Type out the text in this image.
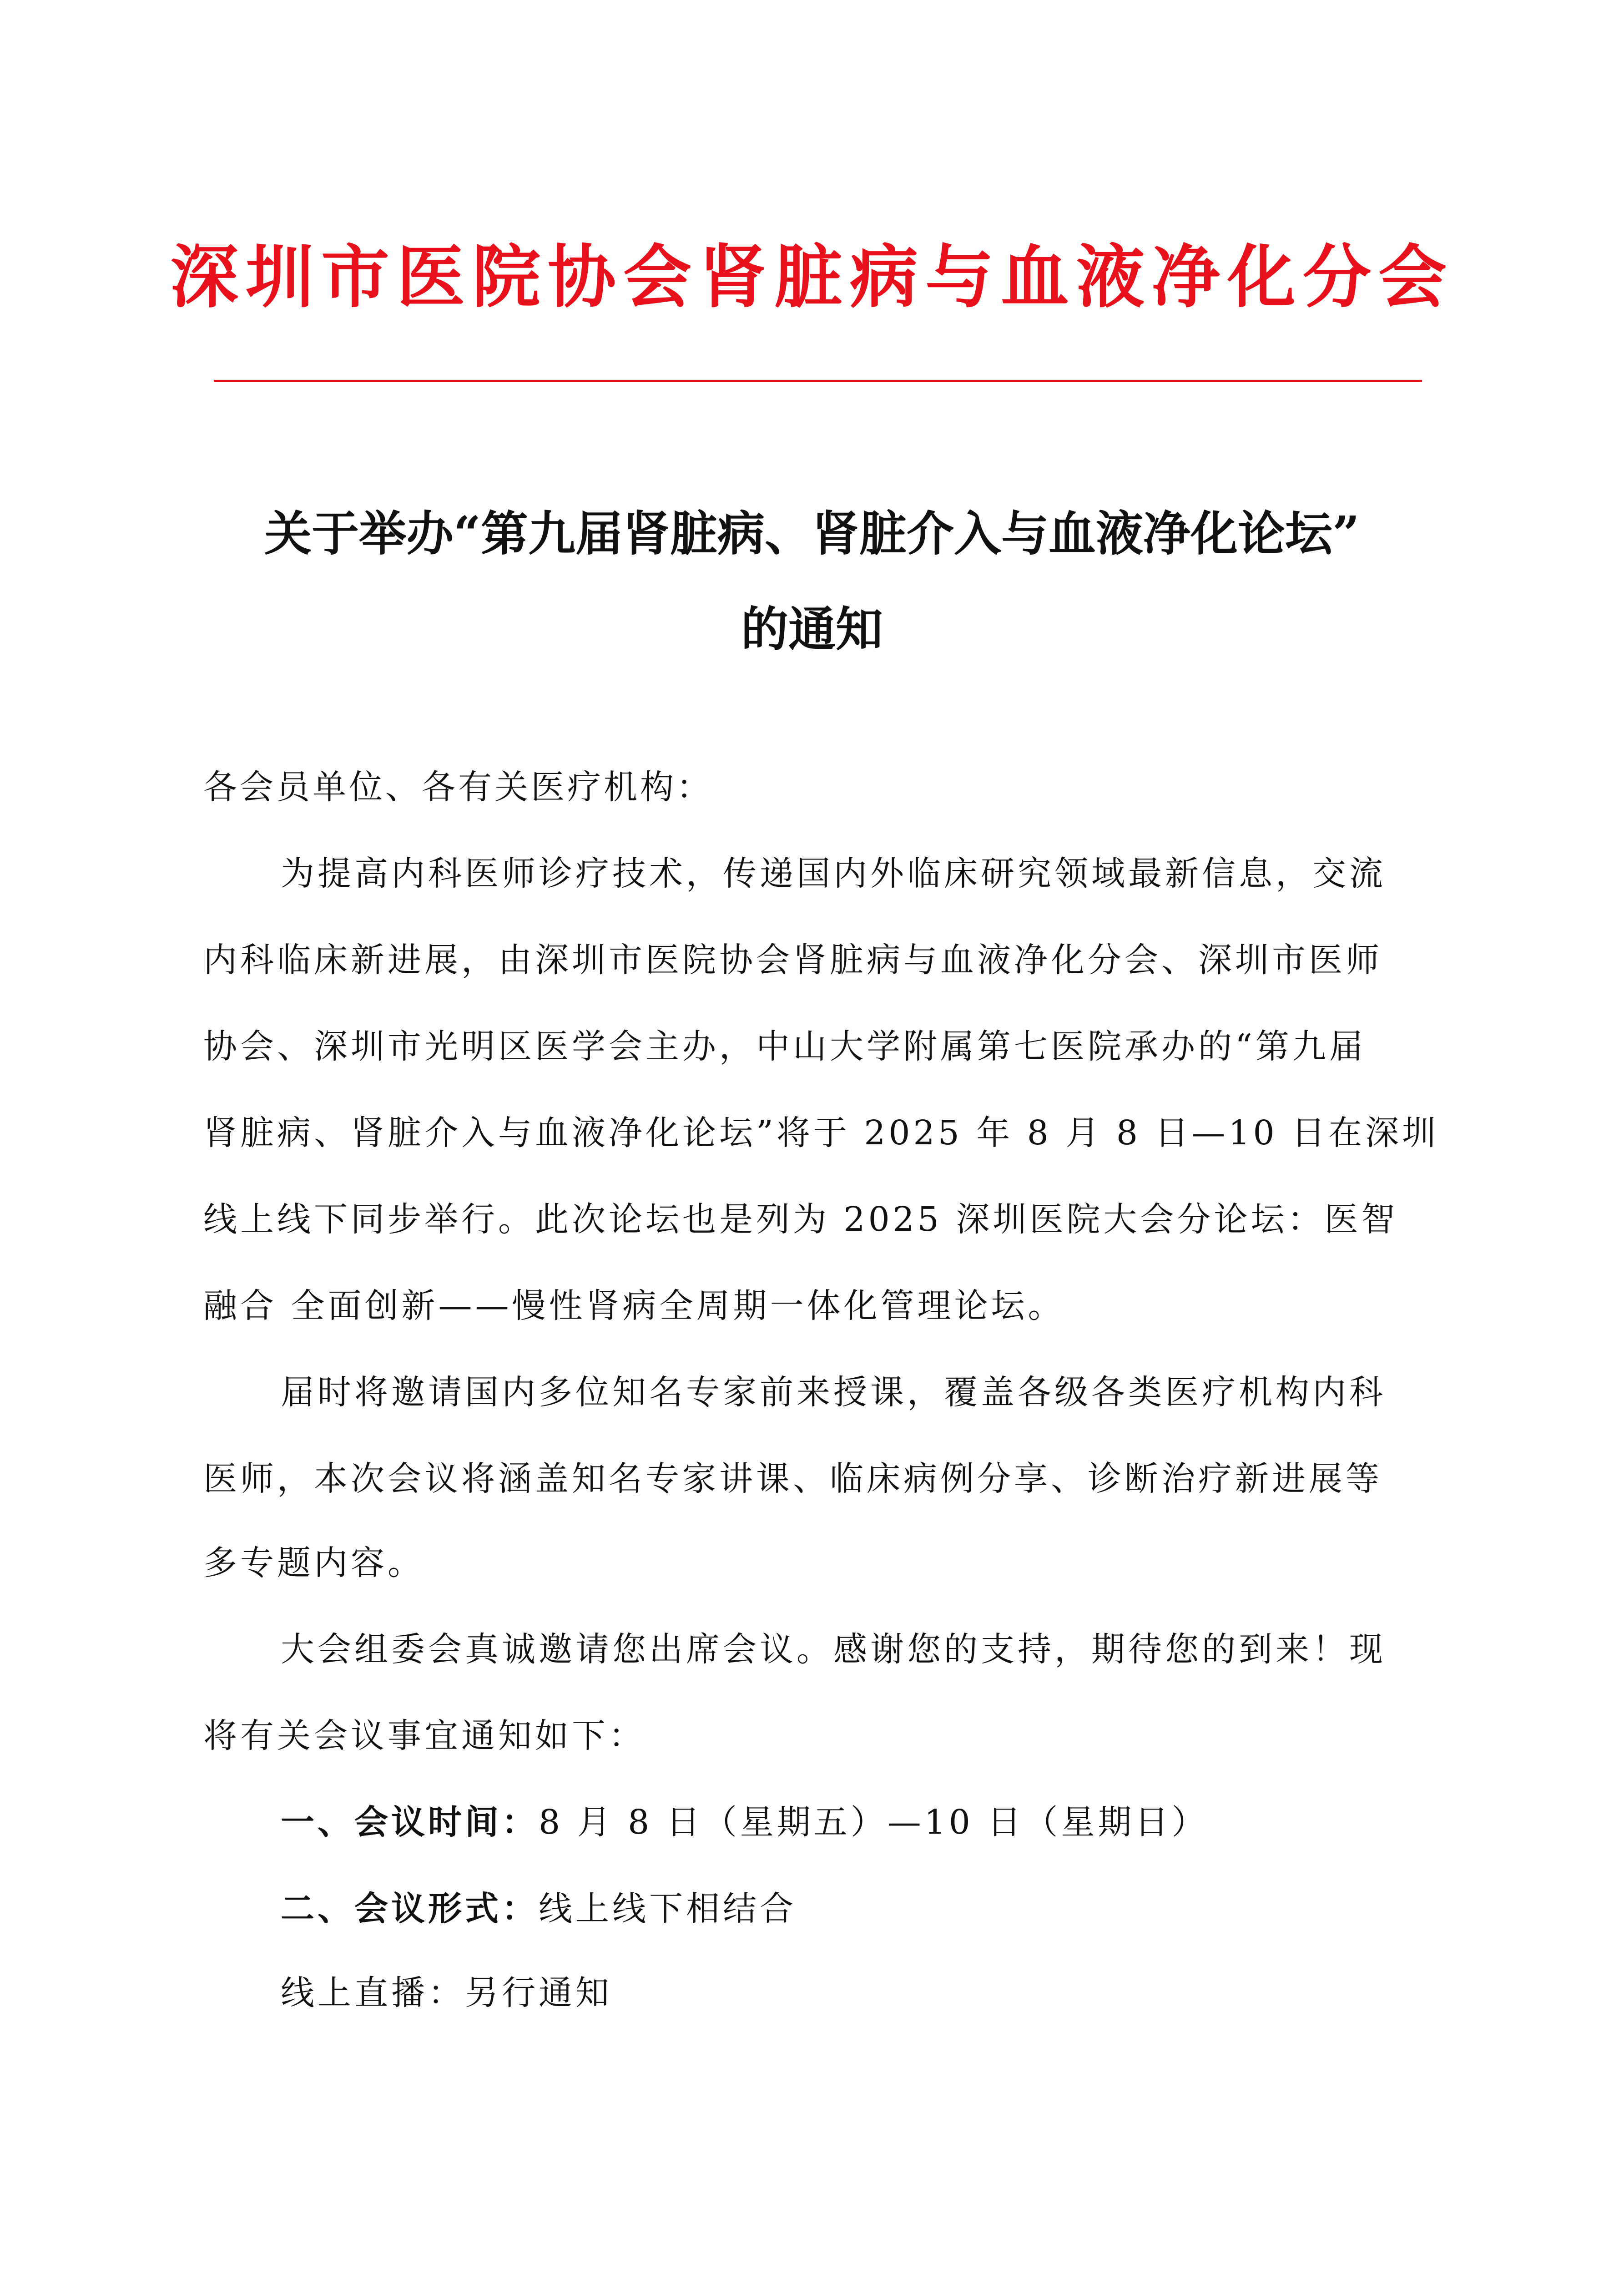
深圳市医院协会肾脏病与血液净化分会
关于举办“第九届肾脏病、肾脏介入与血液净化论坛”
的通知
各会员单位、各有关医疗机构：
为提高内科医师诊疗技术，传递国内外临床研究领域最新信息，交流
内科临床新进展，由深圳市医院协会肾脏病与血液净化分会、深圳市医师
协会、深圳市光明区医学会主办，中山大学附属第七医院承办的“第九届
肾脏病、肾脏介入与血液净化论坛”将于 2025 年 8 月 8 日—10 日在深圳
线上线下同步举行。此次论坛也是列为 2025 深圳医院大会分论坛：医智
融合 全面创新——慢性肾病全周期一体化管理论坛。
届时将邀请国内多位知名专家前来授课，覆盖各级各类医疗机构内科
医师，本次会议将涵盖知名专家讲课、临床病例分享、诊断治疗新进展等
多专题内容。
大会组委会真诚邀请您出席会议。感谢您的支持，期待您的到来！现
将有关会议事宜通知如下：
一、会议时间：8 月 8 日（星期五）—10 日（星期日）
二、会议形式：线上线下相结合
线上直播：另行通知
